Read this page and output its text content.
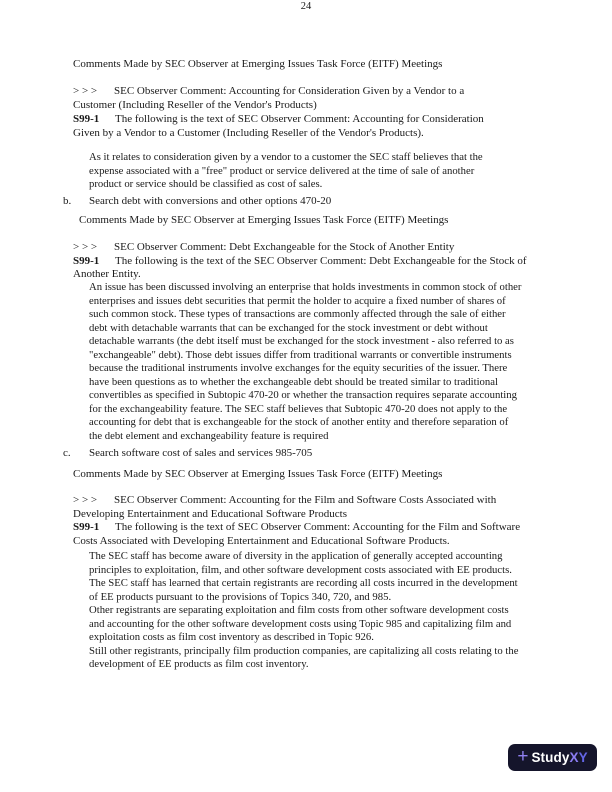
Comments Made by SEC Observer at Emerging Issues Task Force (EITF) Meetings
> > > SEC Observer Comment: Accounting for Consideration Given by a Vendor to a
Customer (Including Reseller of the Vendor's Products)
S99-1 The following is the text of SEC Observer Comment: Accounting for Consideration
Given by a Vendor to a Customer (Including Reseller of the Vendor's Products).
As it relates to consideration given by a vendor to a customer the SEC staff believes that the
expense associated with a "free" product or service delivered at the time of sale of another
product or service should be classified as cost of sales.
b. Search debt with conversions and other options 470-20
Comments Made by SEC Observer at Emerging Issues Task Force (EITF) Meetings
> > > SEC Observer Comment: Debt Exchangeable for the Stock of Another Entity
S99-1 The following is the text of the SEC Observer Comment: Debt Exchangeable for the Stock of
Another Entity.
An issue has been discussed involving an enterprise that holds investments in common stock of other
enterprises and issues debt securities that permit the holder to acquire a fixed number of shares of
such common stock. These types of transactions are commonly affected through the sale of either
debt with detachable warrants that can be exchanged for the stock investment or debt without
detachable warrants (the debt itself must be exchanged for the stock investment - also referred to as
"exchangeable" debt). Those debt issues differ from traditional warrants or convertible instruments
because the traditional instruments involve exchanges for the equity securities of the issuer. There
have been questions as to whether the exchangeable debt should be treated similar to traditional
convertibles as specified in Subtopic 470-20 or whether the transaction requires separate accounting
for the exchangeability feature. The SEC staff believes that Subtopic 470-20 does not apply to the
accounting for debt that is exchangeable for the stock of another entity and therefore separation of
the debt element and exchangeability feature is required
c. Search software cost of sales and services 985-705
Comments Made by SEC Observer at Emerging Issues Task Force (EITF) Meetings
> > > SEC Observer Comment: Accounting for the Film and Software Costs Associated with
Developing Entertainment and Educational Software Products
S99-1 The following is the text of SEC Observer Comment: Accounting for the Film and Software
Costs Associated with Developing Entertainment and Educational Software Products.
The SEC staff has become aware of diversity in the application of generally accepted accounting
principles to exploitation, film, and other software development costs associated with EE products.
The SEC staff has learned that certain registrants are recording all costs incurred in the development
of EE products pursuant to the provisions of Topics 340, 720, and 985.
Other registrants are separating exploitation and film costs from other software development costs
and accounting for the other software development costs using Topic 985 and capitalizing film and
exploitation costs as film cost inventory as described in Topic 926.
Still other registrants, principally film production companies, are capitalizing all costs relating to the
development of EE products as film cost inventory.
24
+ StudyXY
